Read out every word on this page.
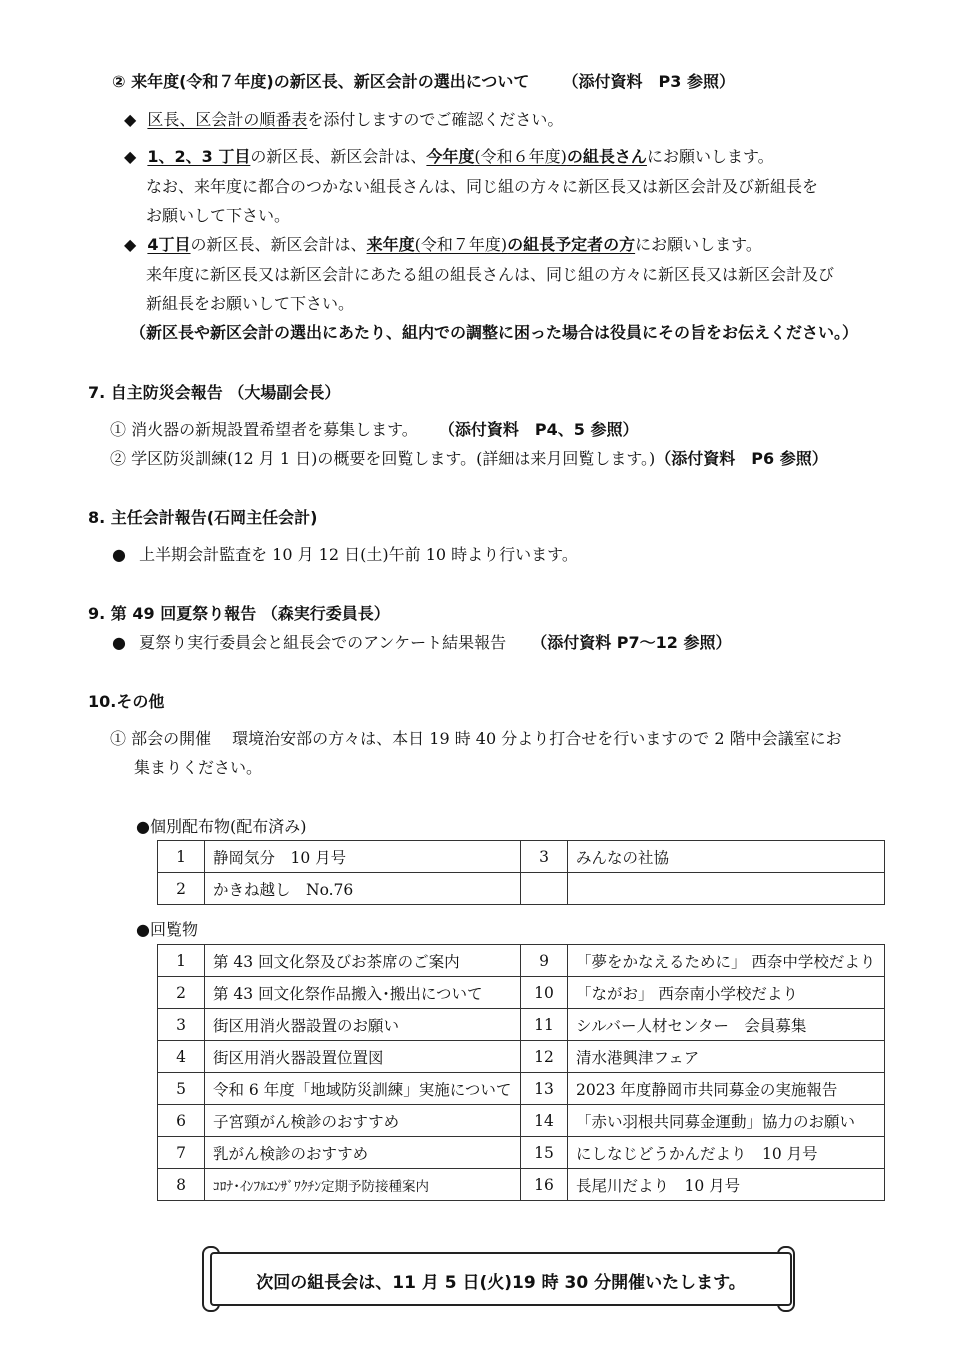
② 来年度(令和７年度)の新区長、新区会計の選出について （添付資料　P3 参照）
◆ 区長、区会計の順番表を添付しますのでご確認ください。
◆ 1、2、3 丁目の新区長、新区会計は、今年度(令和６年度)の組長さんにお願いします。
なお、来年度に都合のつかない組長さんは、同じ組の方々に新区長又は新区会計及び新組長を
お願いして下さい。
◆ 4丁目の新区長、新区会計は、来年度(令和７年度)の組長予定者の方にお願いします。
来年度に新区長又は新区会計にあたる組の組長さんは、同じ組の方々に新区長又は新区会計及び
新組長をお願いして下さい。
（新区長や新区会計の選出にあたり、組内での調整に困った場合は役員にその旨をお伝えください。）
7. 自主防災会報告 （大場副会長）
① 消火器の新規設置希望者を募集します。 （添付資料　P4、5 参照）
② 学区防災訓練(12 月 1 日)の概要を回覧します。(詳細は来月回覧します。)（添付資料　P6 参照）
8. 主任会計報告(石岡主任会計)
● 上半期会計監査を 10 月 12 日(土)午前 10 時より行います。
9. 第 49 回夏祭り報告 （森実行委員長）
● 夏祭り実行委員会と組長会でのアンケート結果報告 （添付資料 P7～12 参照）
10.その他
① 部会の開催　 環境治安部の方々は、本日 19 時 40 分より打合せを行いますので 2 階中会議室にお
集まりください。
●個別配布物(配布済み)
1	静岡気分　10 月号	3	みんなの社協
2	かきね越し　No.76		
●回覧物
1	第 43 回文化祭及びお茶席のご案内	9	「夢をかなえるために」 西奈中学校だより
2	第 43 回文化祭作品搬入･搬出について	10	「ながお」 西奈南小学校だより
3	街区用消火器設置のお願い	11	シルバー人材センター　会員募集
4	街区用消火器設置位置図	12	清水港興津フェア
5	令和 6 年度「地域防災訓練」実施について	13	2023 年度静岡市共同募金の実施報告
6	子宮頸がん検診のおすすめ	14	「赤い羽根共同募金運動」協力のお願い
7	乳がん検診のおすすめ	15	にしなじどうかんだより　10 月号
8	ｺﾛﾅ･ｲﾝﾌﾙｴﾝｻﾞﾜｸﾁﾝ定期予防接種案内	16	長尾川だより　10 月号
次回の組長会は、11 月 5 日(火)19 時 30 分開催いたします。
